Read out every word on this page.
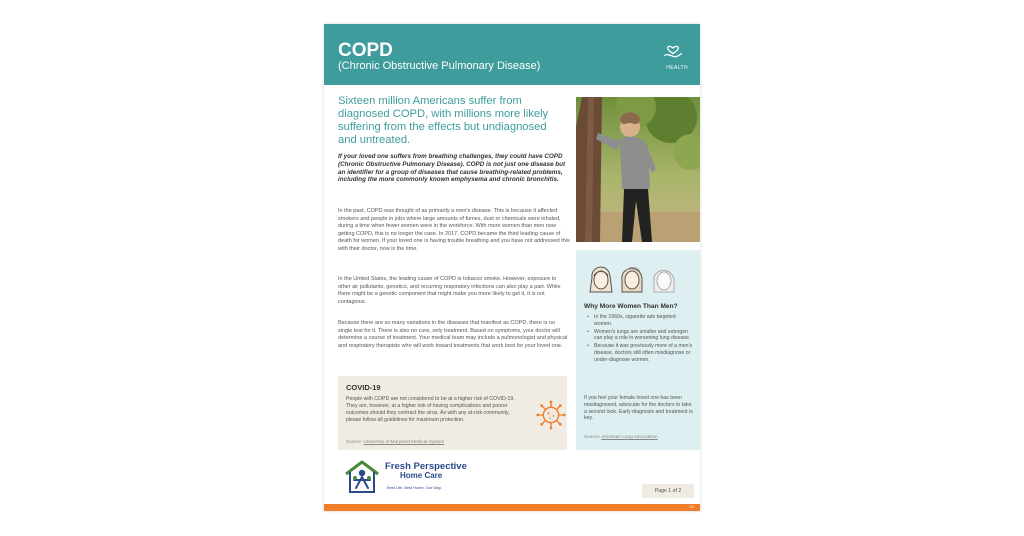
COPD
(Chronic Obstructive Pulmonary Disease)	HEALTH
Sixteen million Americans suffer from diagnosed COPD, with millions more likely suffering from the effects but undiagnosed and untreated.
If your loved one suffers from breathing challenges, they could have COPD (Chronic Obstructive Pulmonary Disease). COPD is not just one disease but an identifier for a group of diseases that cause breathing-related problems, including the more commonly known emphysema and chronic bronchitis.

In the past, COPD was thought of as primarily a men's disease. This is because it affected smokers and people in jobs where large amounts of fumes, dust or chemicals were inhaled, during a time when fewer women were in the workforce. With more women than men now getting COPD, this is no longer the case. In 2017, COPD became the third leading cause of death for women. If your loved one is having trouble breathing and you have not addressed this with their doctor, now is the time.

In the United States, the leading cause of COPD is tobacco smoke. However, exposure to other air pollutants, genetics, and recurring respiratory infections can also play a part. While there might be a genetic component that might make you more likely to get it, it is not contagious.

Because there are so many variations in the diseases that manifest as COPD, there is no single test for it. There is also no cure, only treatment. Based on symptoms, your doctor will determine a course of treatment. Your medical team may include a pulmonologist and physical and respiratory therapists who will work toward treatments that work best for your loved one.

COVID-19
People with COPD are not considered to be at a higher risk of COVID-19. They are, however, at a higher risk of having complications and poorer outcomes should they contract the virus. As with any at-risk community, please follow all guidelines for maximum protection.
Source: University of Maryland Medical System
Why More Women Than Men?
• In the 1960s, cigarette ads targeted women.
• Women's lungs are smaller and estrogen can play a role in worsening lung disease.
• Because it was previously more of a men's disease, doctors still often misdiagnose or under-diagnose women.
If you feel your female loved one has been misdiagnosed, advocate for the doctors to take a second look. Early diagnosis and treatment is key.
Source: American Lung Association
Fresh Perspective
Home Care
Best Life. Best Home. Our Way.
Page 1 of 2
1/2
